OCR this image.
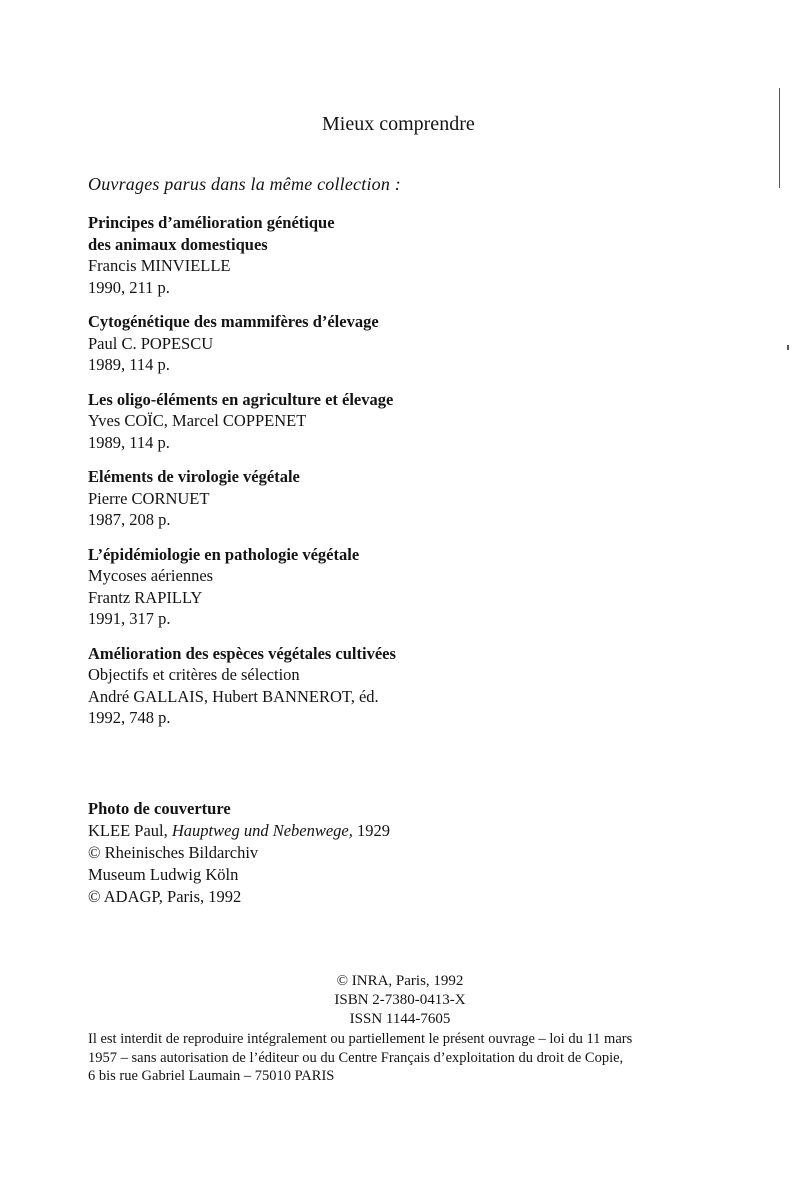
Mieux comprendre
Ouvrages parus dans la même collection :
Principes d’amélioration génétique
des animaux domestiques
Francis MINVIELLE
1990, 211 p.
Cytogénétique des mammifères d’élevage
Paul C. POPESCU
1989, 114 p.
Les oligo-éléments en agriculture et élevage
Yves COÏC, Marcel COPPENET
1989, 114 p.
Eléments de virologie végétale
Pierre CORNUET
1987, 208 p.
L’épidémiologie en pathologie végétale
Mycoses aériennes
Frantz RAPILLY
1991, 317 p.
Amélioration des espèces végétales cultivées
Objectifs et critères de sélection
André GALLAIS, Hubert BANNEROT, éd.
1992, 748 p.
Photo de couverture
KLEE Paul, Hauptweg und Nebenwege, 1929
© Rheinisches Bildarchiv
Museum Ludwig Köln
© ADAGP, Paris, 1992
© INRA, Paris, 1992
ISBN 2-7380-0413-X
ISSN 1144-7605
Il est interdit de reproduire intégralement ou partiellement le présent ouvrage – loi du 11 mars
1957 – sans autorisation de l’éditeur ou du Centre Français d’exploitation du droit de Copie,
6 bis rue Gabriel Laumain – 75010 PARIS
